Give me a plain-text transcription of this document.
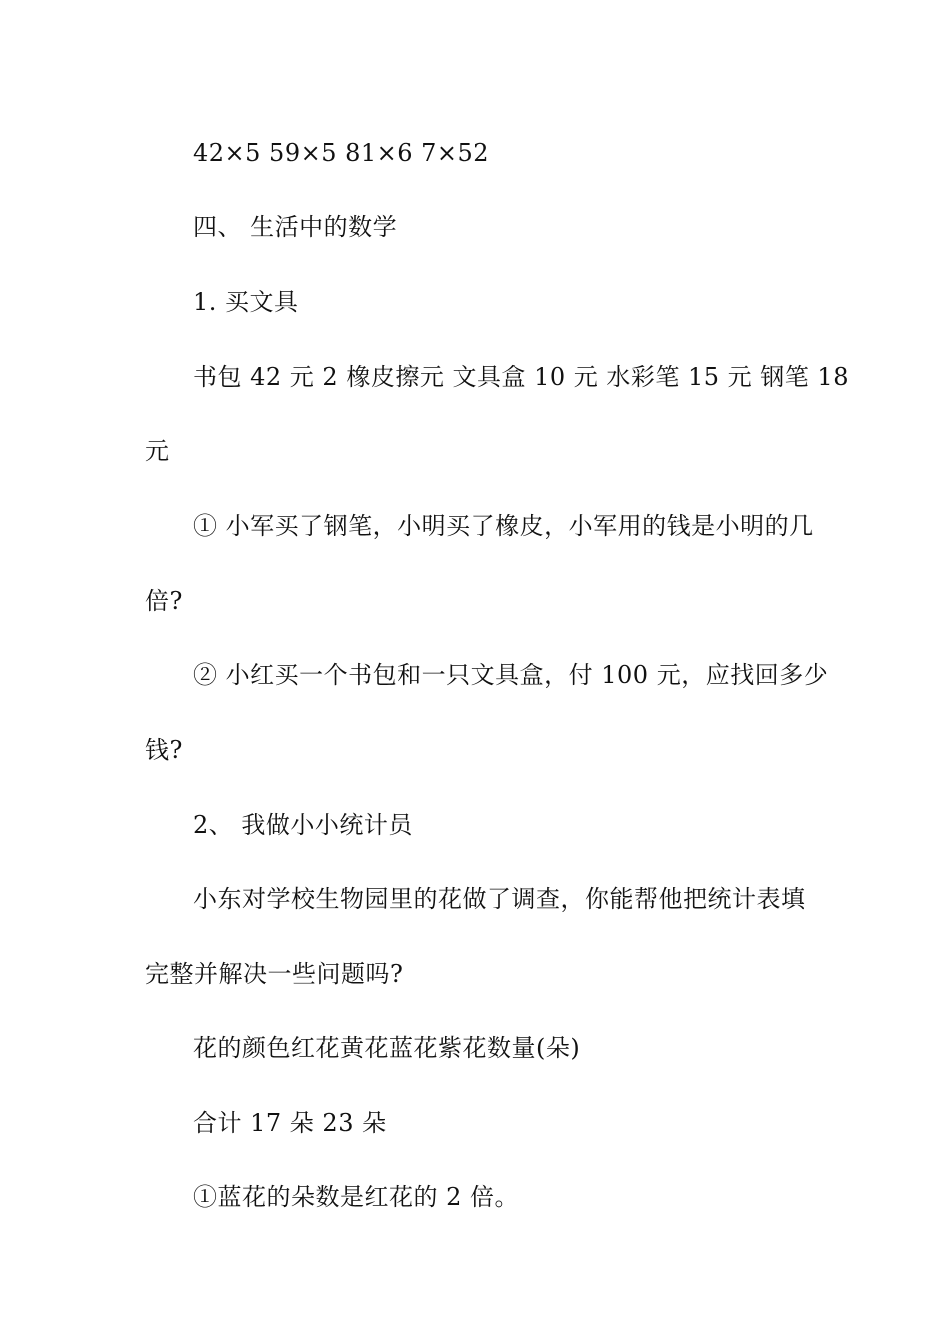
42×5 59×5 81×6 7×52
四、 生活中的数学
1. 买文具
书包 42 元 2 橡皮擦元 文具盒 10 元 水彩笔 15 元 钢笔 18
元
① 小军买了钢笔，小明买了橡皮，小军用的钱是小明的几
倍?
② 小红买一个书包和一只文具盒，付 100 元，应找回多少
钱?
2、 我做小小统计员
小东对学校生物园里的花做了调查，你能帮他把统计表填
完整并解决一些问题吗?
花的颜色红花黄花蓝花紫花数量(朵)
合计 17 朵 23 朵
①蓝花的朵数是红花的 2 倍。
